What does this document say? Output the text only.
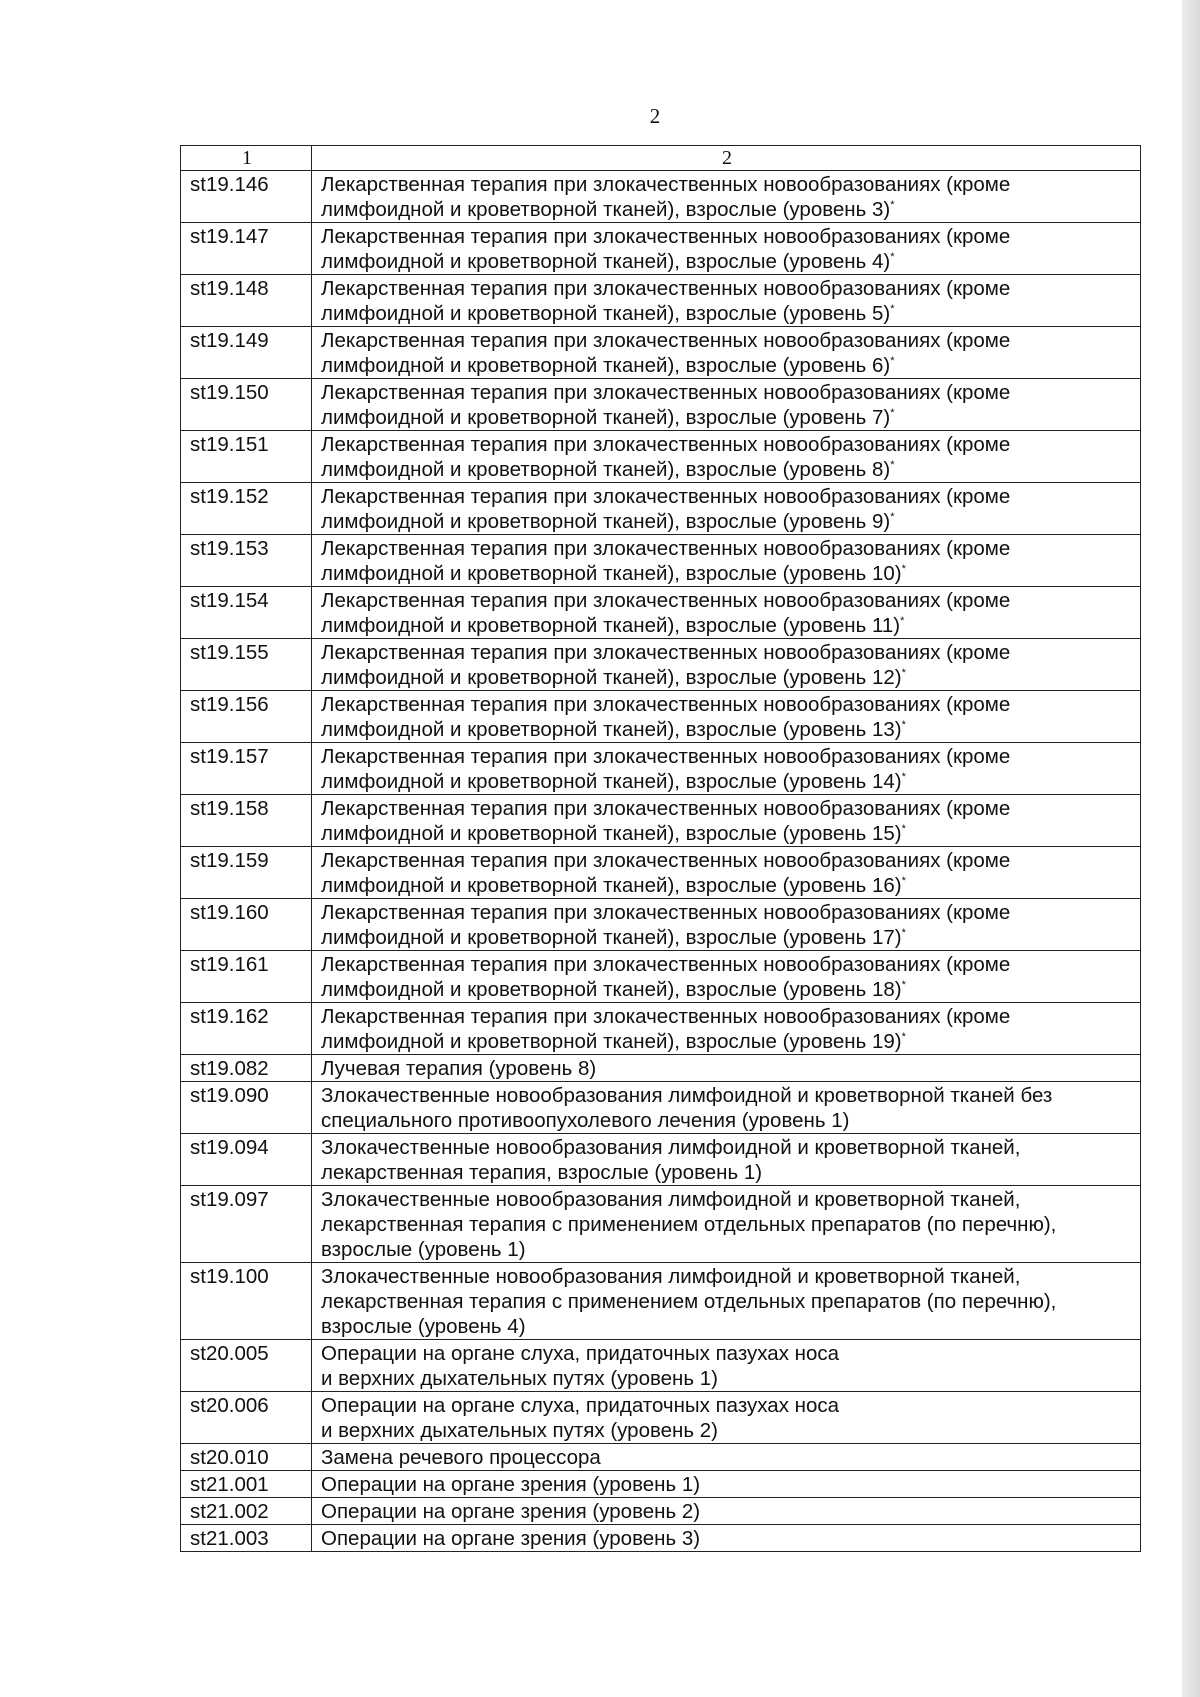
2
1	2
st19.146	Лекарственная терапия при злокачественных новообразованиях (кроме лимфоидной и кроветворной тканей), взрослые (уровень 3)*
st19.147	Лекарственная терапия при злокачественных новообразованиях (кроме лимфоидной и кроветворной тканей), взрослые (уровень 4)*
st19.148	Лекарственная терапия при злокачественных новообразованиях (кроме лимфоидной и кроветворной тканей), взрослые (уровень 5)*
st19.149	Лекарственная терапия при злокачественных новообразованиях (кроме лимфоидной и кроветворной тканей), взрослые (уровень 6)*
st19.150	Лекарственная терапия при злокачественных новообразованиях (кроме лимфоидной и кроветворной тканей), взрослые (уровень 7)*
st19.151	Лекарственная терапия при злокачественных новообразованиях (кроме лимфоидной и кроветворной тканей), взрослые (уровень 8)*
st19.152	Лекарственная терапия при злокачественных новообразованиях (кроме лимфоидной и кроветворной тканей), взрослые (уровень 9)*
st19.153	Лекарственная терапия при злокачественных новообразованиях (кроме лимфоидной и кроветворной тканей), взрослые (уровень 10)*
st19.154	Лекарственная терапия при злокачественных новообразованиях (кроме лимфоидной и кроветворной тканей), взрослые (уровень 11)*
st19.155	Лекарственная терапия при злокачественных новообразованиях (кроме лимфоидной и кроветворной тканей), взрослые (уровень 12)*
st19.156	Лекарственная терапия при злокачественных новообразованиях (кроме лимфоидной и кроветворной тканей), взрослые (уровень 13)*
st19.157	Лекарственная терапия при злокачественных новообразованиях (кроме лимфоидной и кроветворной тканей), взрослые (уровень 14)*
st19.158	Лекарственная терапия при злокачественных новообразованиях (кроме лимфоидной и кроветворной тканей), взрослые (уровень 15)*
st19.159	Лекарственная терапия при злокачественных новообразованиях (кроме лимфоидной и кроветворной тканей), взрослые (уровень 16)*
st19.160	Лекарственная терапия при злокачественных новообразованиях (кроме лимфоидной и кроветворной тканей), взрослые (уровень 17)*
st19.161	Лекарственная терапия при злокачественных новообразованиях (кроме лимфоидной и кроветворной тканей), взрослые (уровень 18)*
st19.162	Лекарственная терапия при злокачественных новообразованиях (кроме лимфоидной и кроветворной тканей), взрослые (уровень 19)*
st19.082	Лучевая терапия (уровень 8)
st19.090	Злокачественные новообразования лимфоидной и кроветворной тканей без специального противоопухолевого лечения (уровень 1)
st19.094	Злокачественные новообразования лимфоидной и кроветворной тканей, лекарственная терапия, взрослые (уровень 1)
st19.097	Злокачественные новообразования лимфоидной и кроветворной тканей, лекарственная терапия с применением отдельных препаратов (по перечню), взрослые (уровень 1)
st19.100	Злокачественные новообразования лимфоидной и кроветворной тканей, лекарственная терапия с применением отдельных препаратов (по перечню), взрослые (уровень 4)
st20.005	Операции на органе слуха, придаточных пазухах носа
и верхних дыхательных путях (уровень 1)
st20.006	Операции на органе слуха, придаточных пазухах носа
и верхних дыхательных путях (уровень 2)
st20.010	Замена речевого процессора
st21.001	Операции на органе зрения (уровень 1)
st21.002	Операции на органе зрения (уровень 2)
st21.003	Операции на органе зрения (уровень 3)
